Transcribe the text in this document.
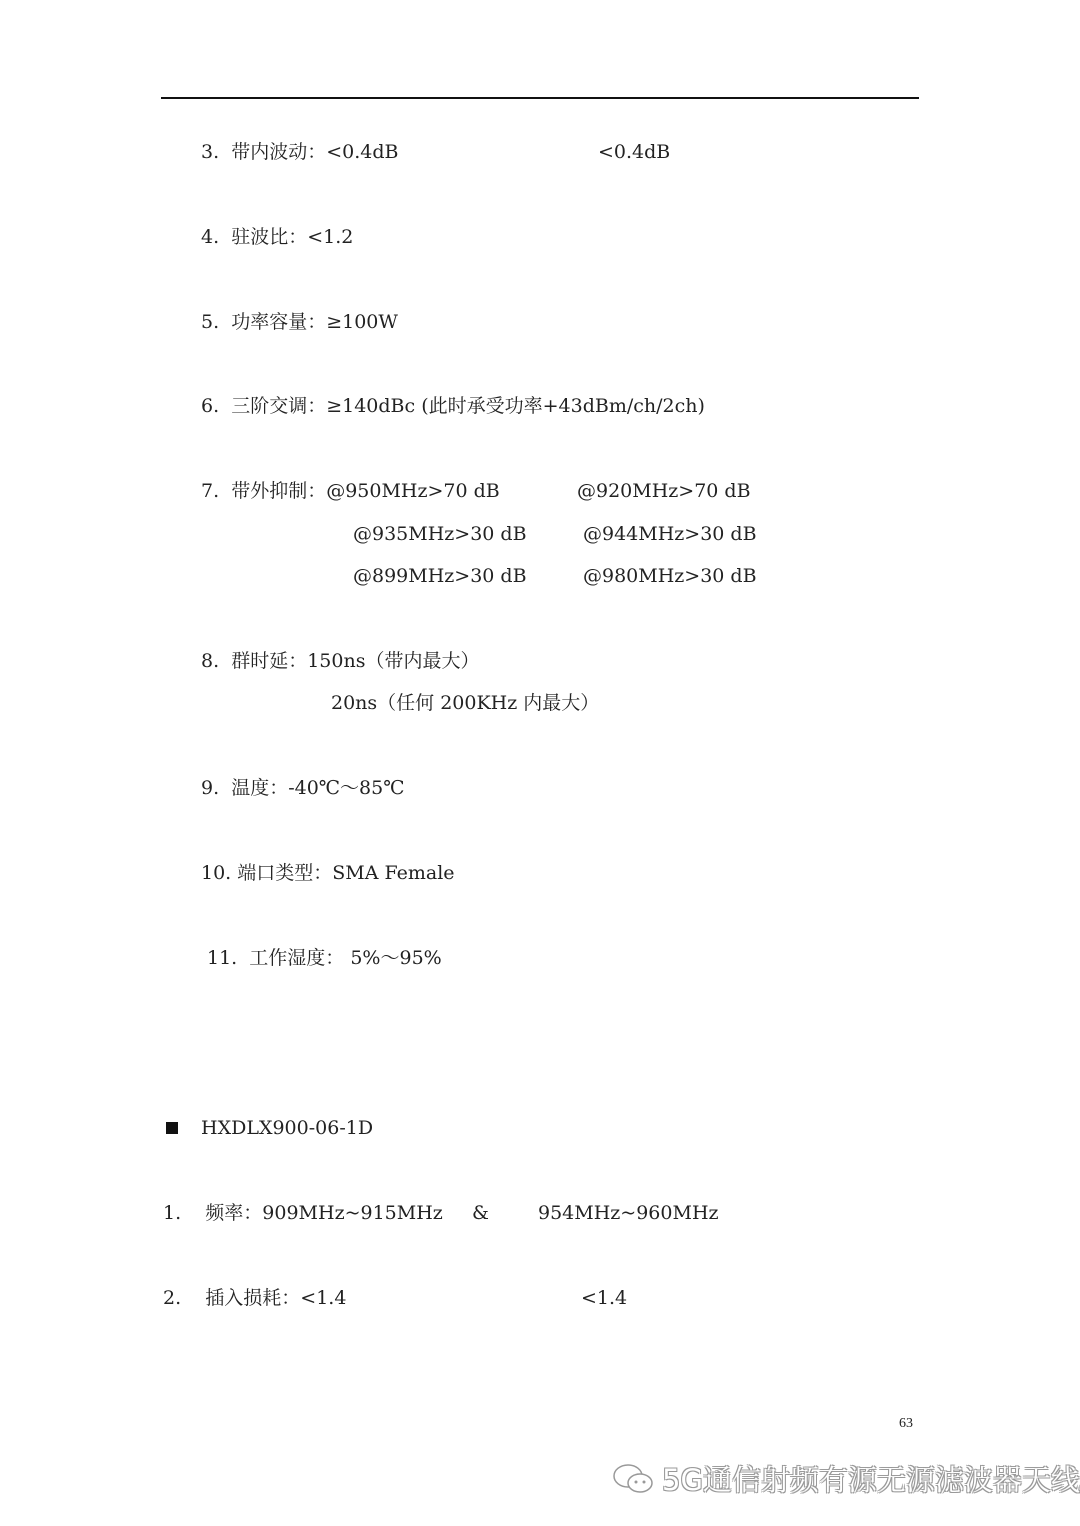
3.  带内波动：<0.4dB	<0.4dB
4.  驻波比：<1.2
5.  功率容量：≥100W
6.  三阶交调：≥140dBc (此时承受功率+43dBm/ch/2ch)
7.  带外抑制：@950MHz>70 dB	@920MHz>70 dB
@935MHz>30 dB	@944MHz>30 dB
@899MHz>30 dB	@980MHz>30 dB
8.  群时延：150ns（带内最大）
20ns（任何 200KHz 内最大）
9.  温度：-40℃～85℃
10. 端口类型：SMA Female
11.  工作湿度： 5%～95%
HXDLX900-06-1D
1.    频率：909MHz~915MHz &	954MHz~960MHz
2.    插入损耗：<1.4	<1.4
63
5G通信射频有源无源滤波器天线
